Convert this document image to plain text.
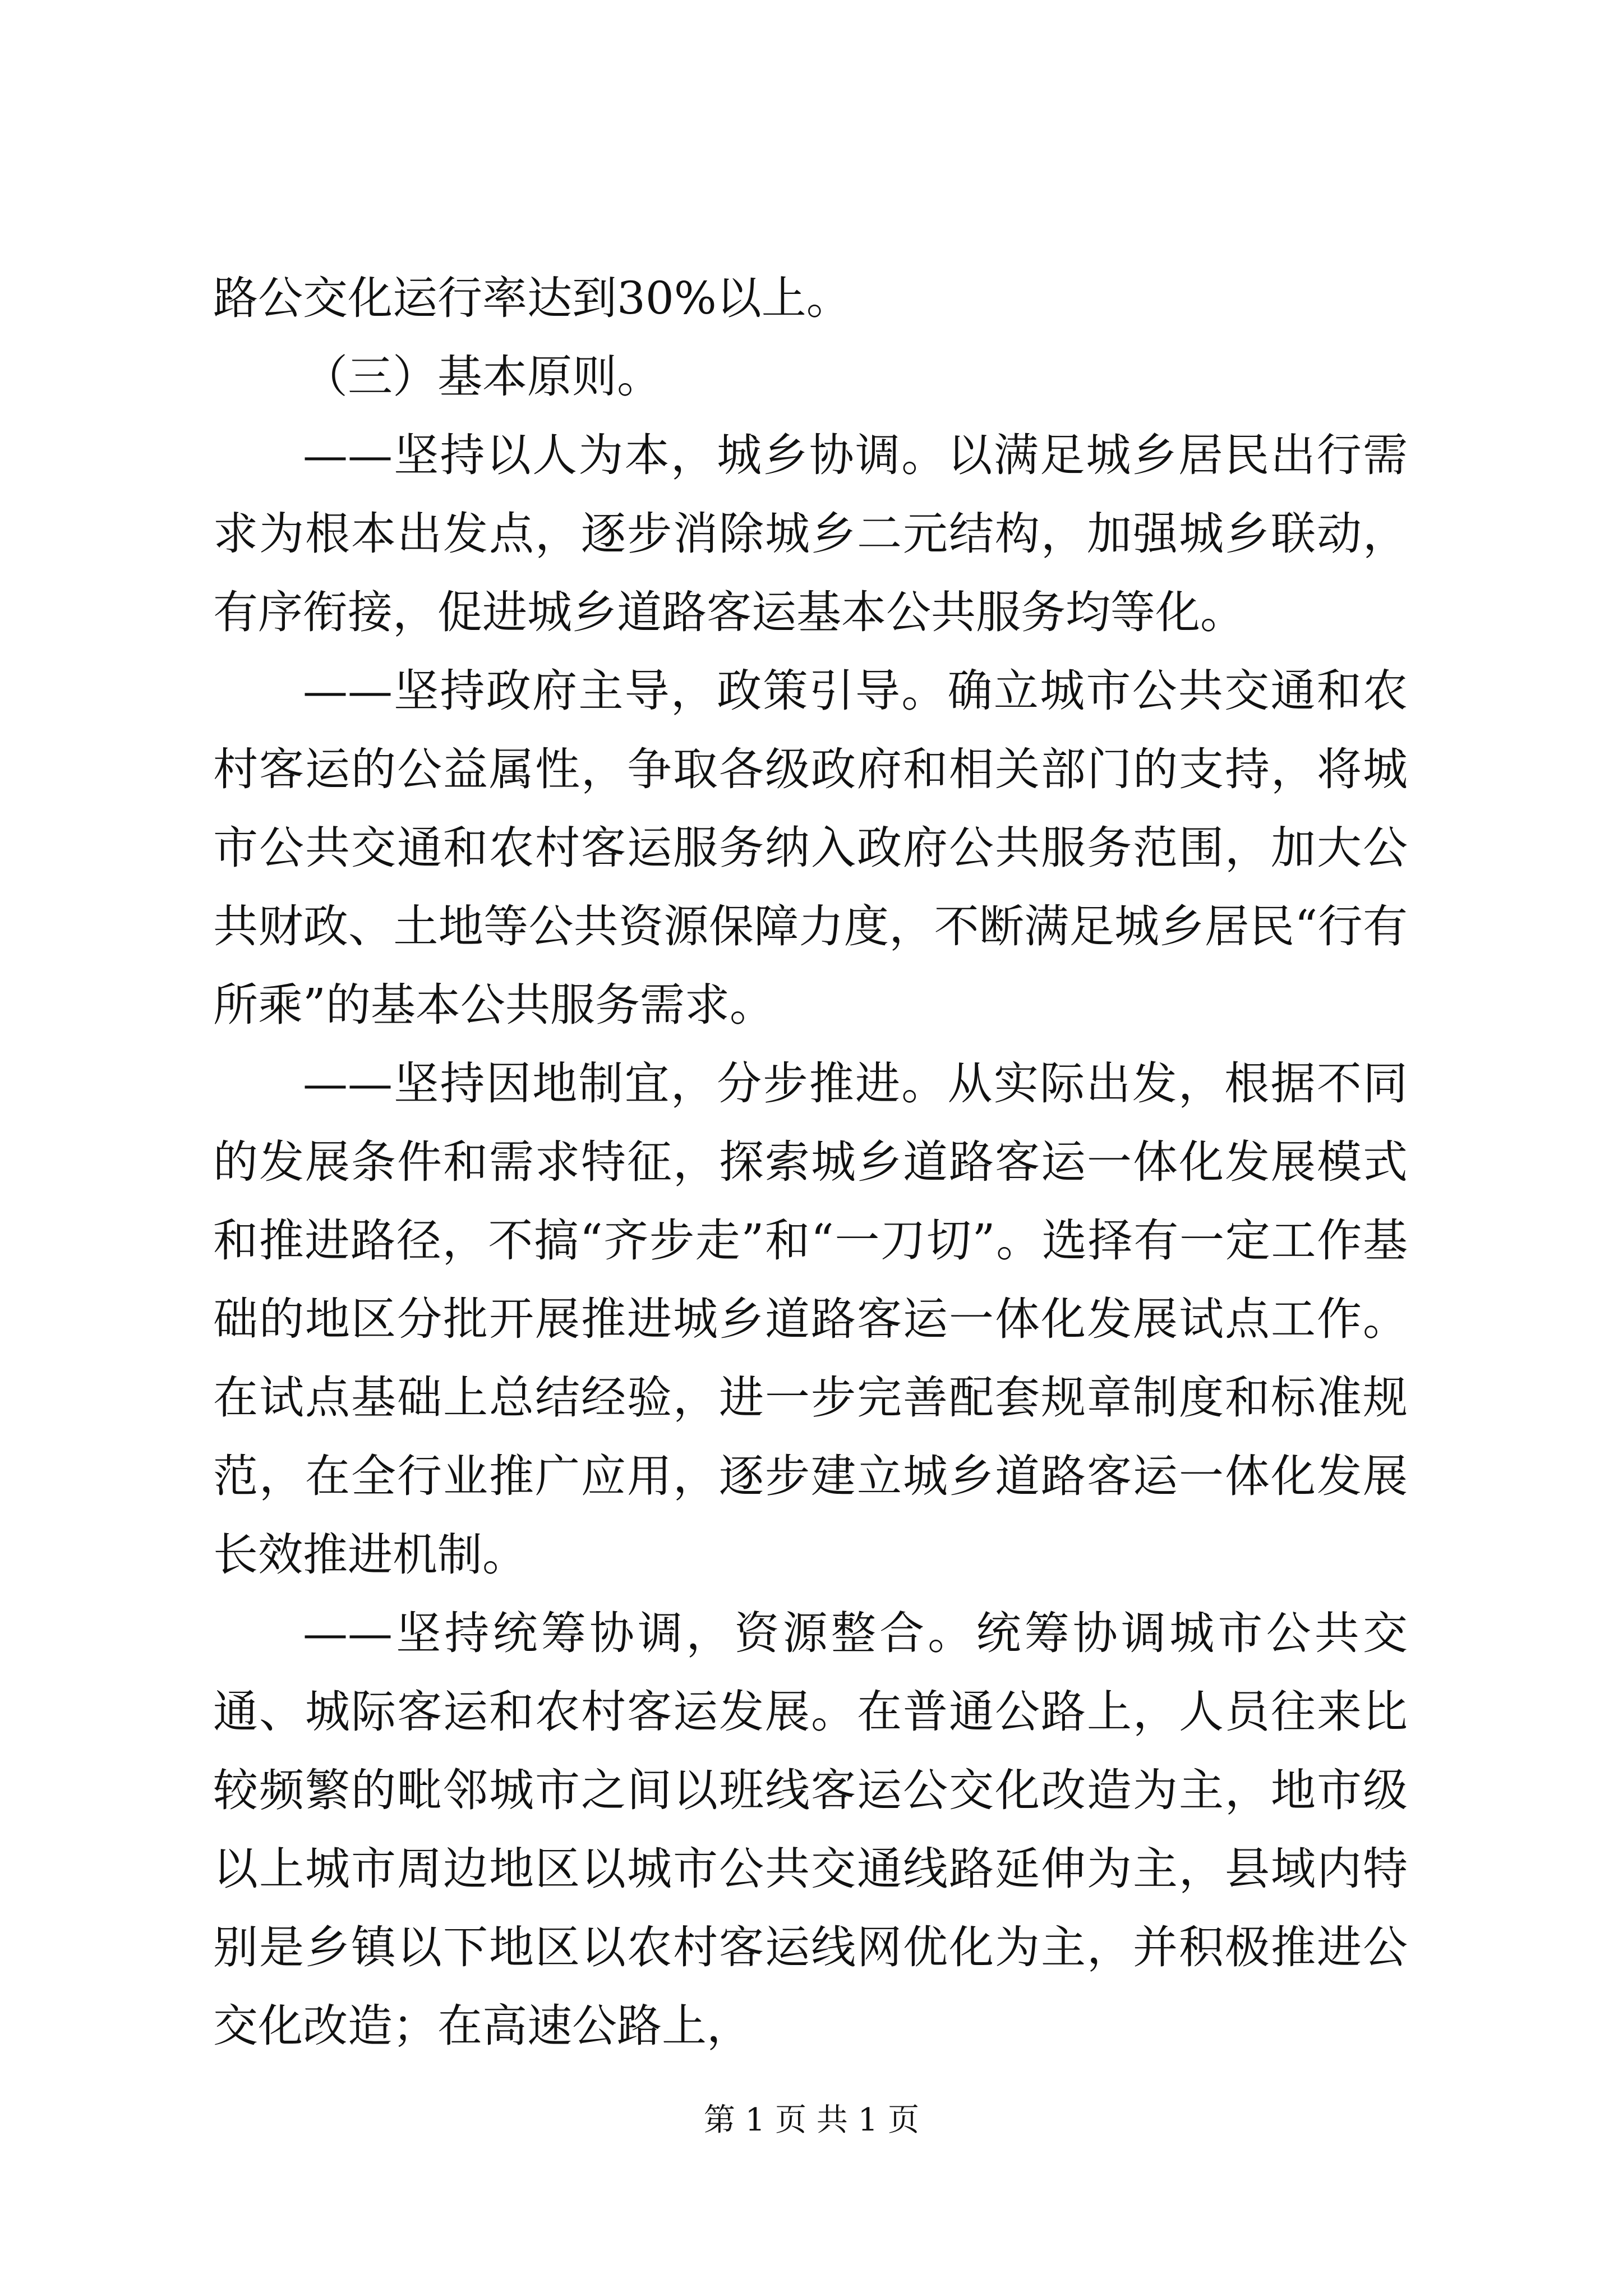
路公交化运行率达到30%以上。

（三）基本原则。

——坚持以人为本，城乡协调。以满足城乡居民出行需求为根本出发点，逐步消除城乡二元结构，加强城乡联动，有序衔接，促进城乡道路客运基本公共服务均等化。

——坚持政府主导，政策引导。确立城市公共交通和农村客运的公益属性，争取各级政府和相关部门的支持，将城市公共交通和农村客运服务纳入政府公共服务范围，加大公共财政、土地等公共资源保障力度，不断满足城乡居民“行有所乘”的基本公共服务需求。

——坚持因地制宜，分步推进。从实际出发，根据不同的发展条件和需求特征，探索城乡道路客运一体化发展模式和推进路径，不搞“齐步走”和“一刀切”。选择有一定工作基础的地区分批开展推进城乡道路客运一体化发展试点工作。在试点基础上总结经验，进一步完善配套规章制度和标准规范，在全行业推广应用，逐步建立城乡道路客运一体化发展长效推进机制。

——坚持统筹协调，资源整合。统筹协调城市公共交通、城际客运和农村客运发展。在普通公路上，人员往来比较频繁的毗邻城市之间以班线客运公交化改造为主，地市级以上城市周边地区以城市公共交通线路延伸为主，县域内特别是乡镇以下地区以农村客运线网优化为主，并积极推进公交化改造；在高速公路上，

第 1 页 共 1 页
